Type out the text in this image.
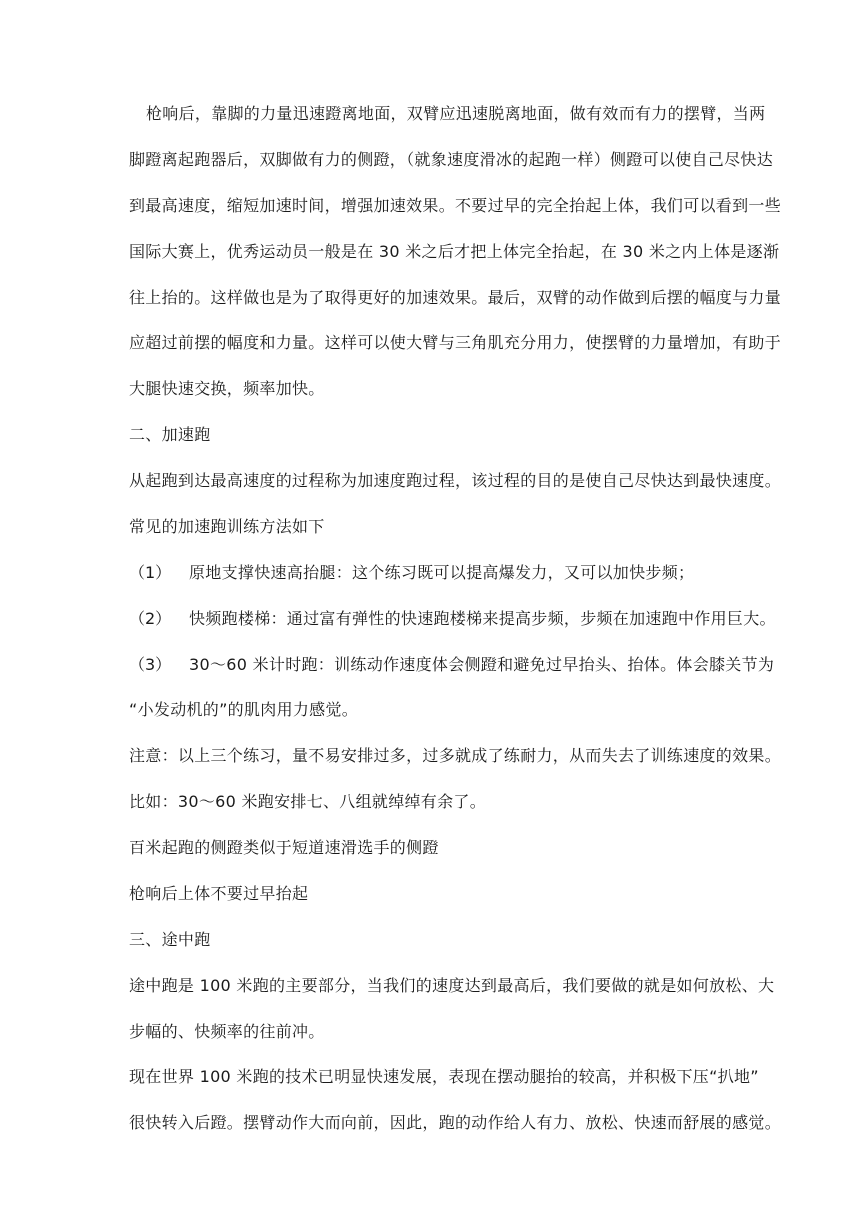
枪响后，靠脚的力量迅速蹬离地面，双臂应迅速脱离地面，做有效而有力的摆臂，当两
脚蹬离起跑器后，双脚做有力的侧蹬，（就象速度滑冰的起跑一样）侧蹬可以使自己尽快达
到最高速度，缩短加速时间，增强加速效果。不要过早的完全抬起上体，我们可以看到一些
国际大赛上，优秀运动员一般是在 30 米之后才把上体完全抬起，在 30 米之内上体是逐渐
往上抬的。这样做也是为了取得更好的加速效果。最后，双臂的动作做到后摆的幅度与力量
应超过前摆的幅度和力量。这样可以使大臂与三角肌充分用力，使摆臂的力量增加，有助于
大腿快速交换，频率加快。
二、加速跑
从起跑到达最高速度的过程称为加速度跑过程，该过程的目的是使自己尽快达到最快速度。
常见的加速跑训练方法如下
（1）	原地支撑快速高抬腿：这个练习既可以提高爆发力，又可以加快步频；
（2）	快频跑楼梯：通过富有弹性的快速跑楼梯来提高步频，步频在加速跑中作用巨大。
（3）	30～60 米计时跑：训练动作速度体会侧蹬和避免过早抬头、抬体。体会膝关节为
“小发动机的”的肌肉用力感觉。
注意：以上三个练习，量不易安排过多，过多就成了练耐力，从而失去了训练速度的效果。
比如：30～60 米跑安排七、八组就绰绰有余了。
百米起跑的侧蹬类似于短道速滑选手的侧蹬
枪响后上体不要过早抬起
三、途中跑
途中跑是 100 米跑的主要部分，当我们的速度达到最高后，我们要做的就是如何放松、大
步幅的、快频率的往前冲。
现在世界 100 米跑的技术已明显快速发展，表现在摆动腿抬的较高，并积极下压“扒地”
很快转入后蹬。摆臂动作大而向前，因此，跑的动作给人有力、放松、快速而舒展的感觉。
